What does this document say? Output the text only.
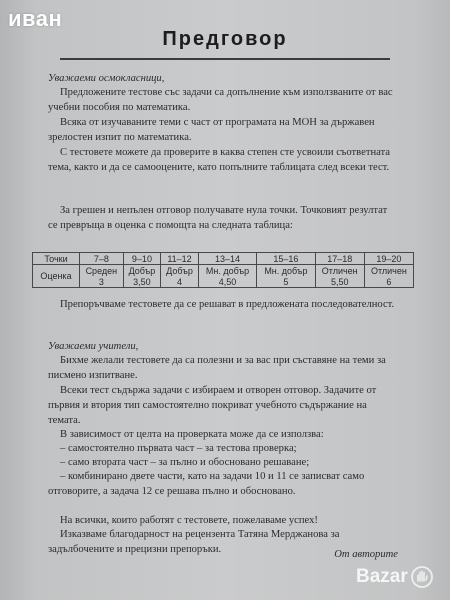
иван
Предговор
Уважаеми осмокласници,
Предложените тестове със задачи са допълнение към използваните от вас учебни пособия по математика.
Всяка от изучаваните теми с част от програмата на МОН за държавен зрелостен изпит по математика.
С тестовете можете да проверите в каква степен сте усвоили съответната тема, както и да се самооцените, като попълните таблицата след всеки тест.
За грешен и непълен отговор получавате нула точки. Точковият резултат се превръща в оценка с помощта на следната таблица:
Точки	7–8	9–10	11–12	13–14	15–16	17–18	19–20
Оценка	Среден	Добър	Добър	Мн. добър	Мн. добър	Отличен	Отличен
	3	3,50	4	4,50	5	5,50	6
Препоръчваме тестовете да се решават в предложената последователност.
Уважаеми учители,
Бихме желали тестовете да са полезни и за вас при съставяне на теми за писмено изпитване.
Всеки тест съдържа задачи с избираем и отворен отговор. Задачите от първия и втория тип самостоятелно покриват учебното съдържание на темата.
В зависимост от целта на проверката може да се използва:
– самостоятелно първата част – за тестова проверка;
– само втората част – за пълно и обосновано решаване;
– комбинирано двете части, като на задачи 10 и 11 се записват само отговорите, а задача 12 се решава пълно и обосновано.
На всички, които работят с тестовете, пожелаваме успех!
Изказваме благодарност на рецензента Татяна Мерджанова за задълбочените и прецизни препоръки.	От авторите
Bazar
